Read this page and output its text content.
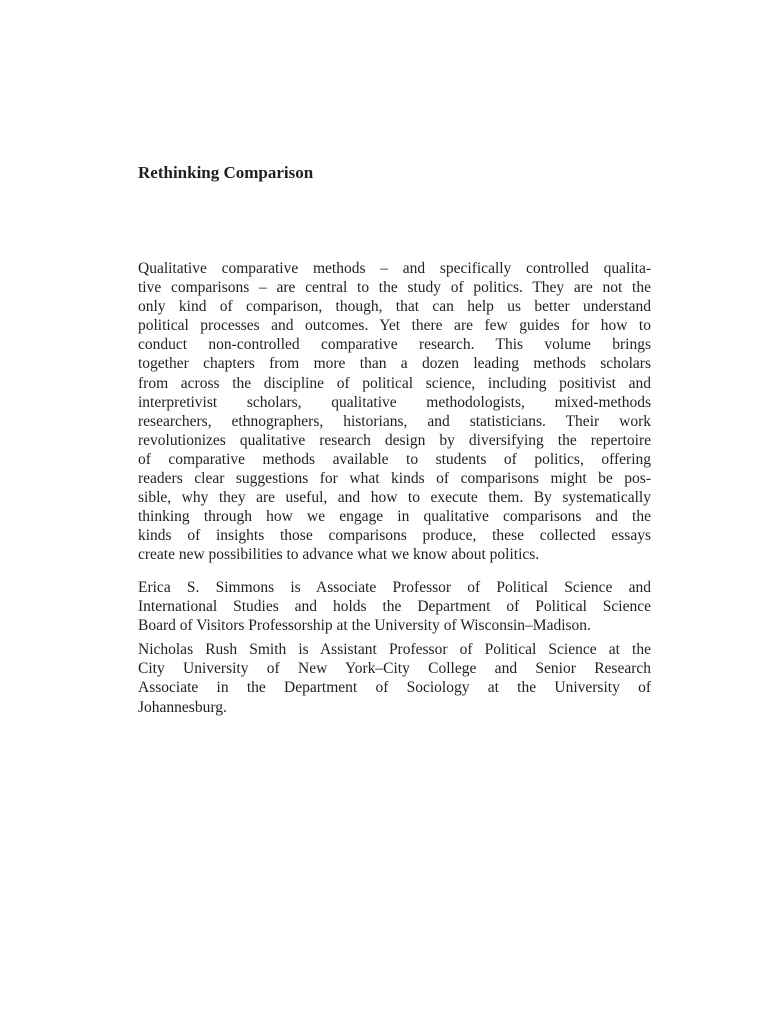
Rethinking Comparison

Qualitative comparative methods – and specifically controlled qualita-
tive comparisons – are central to the study of politics. They are not the
only kind of comparison, though, that can help us better understand
political processes and outcomes. Yet there are few guides for how to
conduct non-controlled comparative research. This volume brings
together chapters from more than a dozen leading methods scholars
from across the discipline of political science, including positivist and
interpretivist scholars, qualitative methodologists, mixed-methods
researchers, ethnographers, historians, and statisticians. Their work
revolutionizes qualitative research design by diversifying the repertoire
of comparative methods available to students of politics, offering
readers clear suggestions for what kinds of comparisons might be pos-
sible, why they are useful, and how to execute them. By systematically
thinking through how we engage in qualitative comparisons and the
kinds of insights those comparisons produce, these collected essays
create new possibilities to advance what we know about politics.

Erica S. Simmons is Associate Professor of Political Science and
International Studies and holds the Department of Political Science
Board of Visitors Professorship at the University of Wisconsin–Madison.

Nicholas Rush Smith is Assistant Professor of Political Science at the
City University of New York–City College and Senior Research
Associate in the Department of Sociology at the University of
Johannesburg.
